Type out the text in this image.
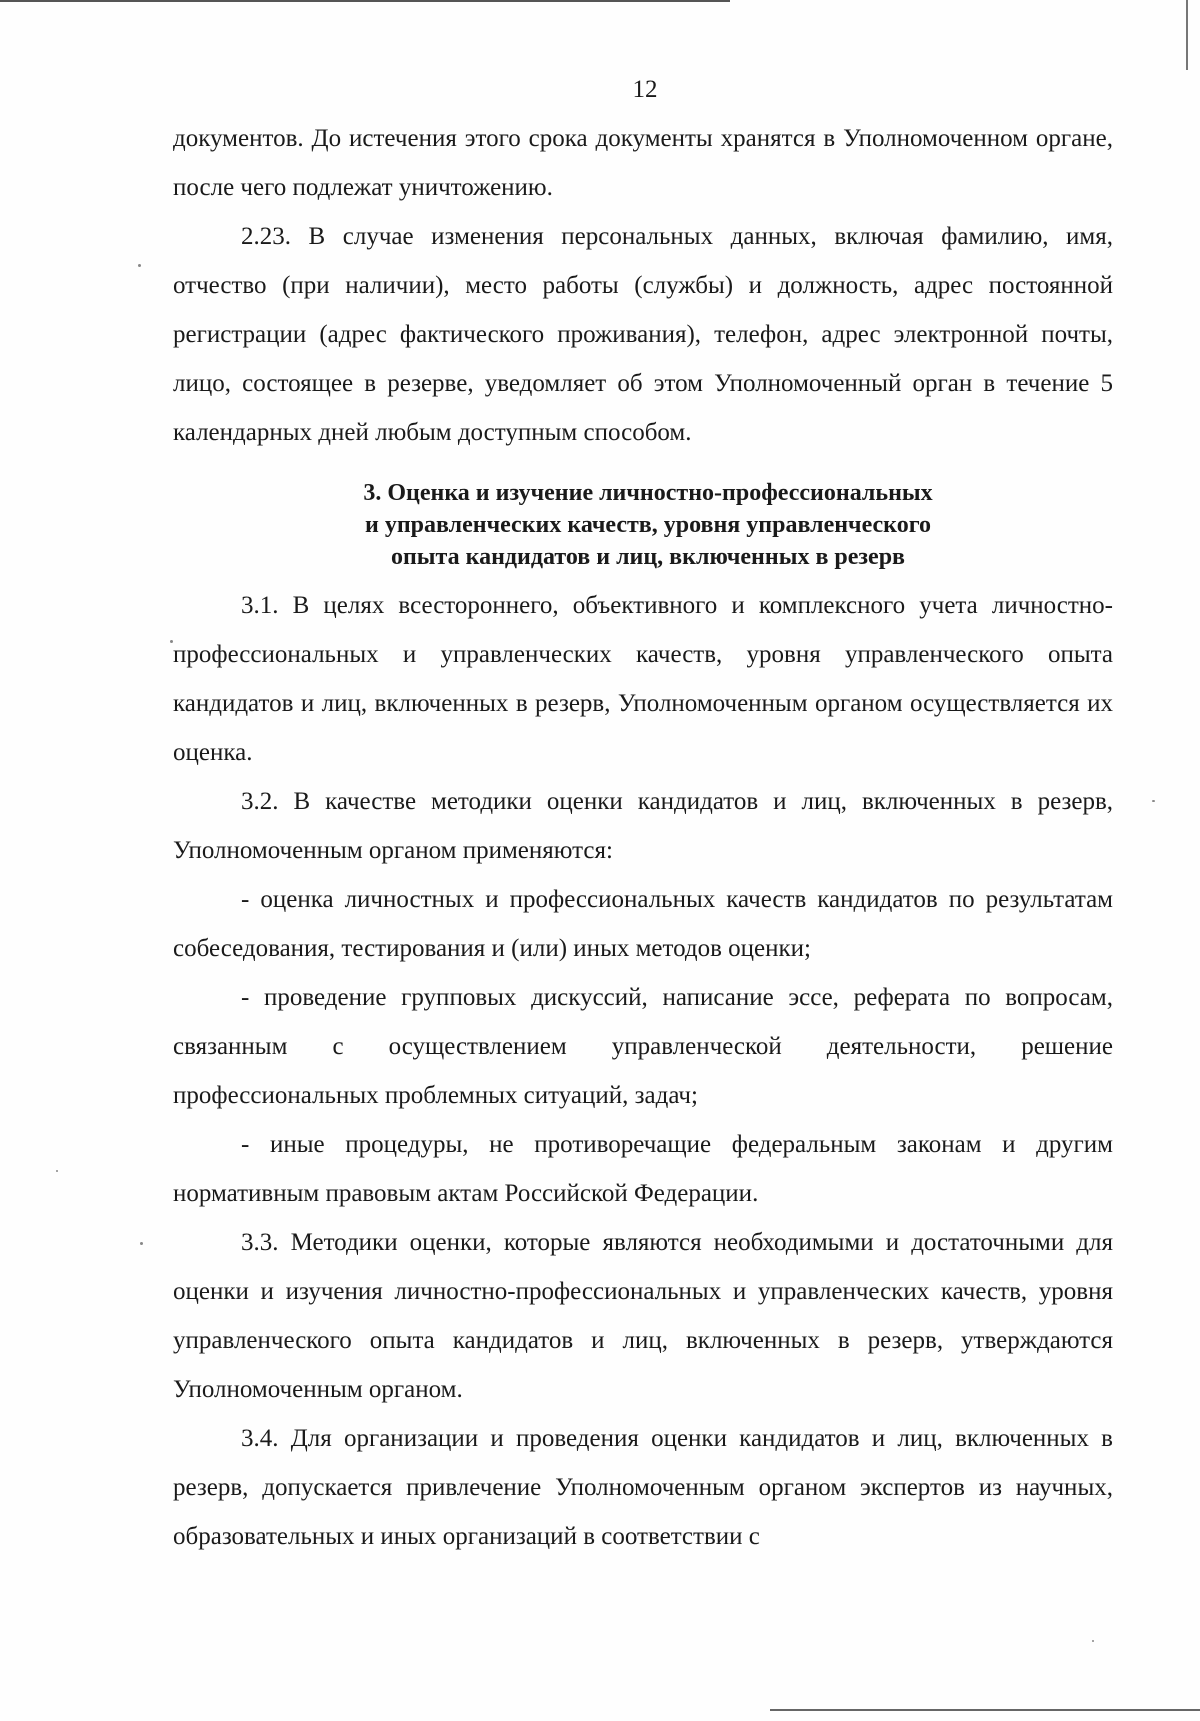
12

документов. До истечения этого срока документы хранятся в Уполномоченном органе, после чего подлежат уничтожению.

2.23. В случае изменения персональных данных, включая фамилию, имя, отчество (при наличии), место работы (службы) и должность, адрес постоянной регистрации (адрес фактического проживания), телефон, адрес электронной почты, лицо, состоящее в резерве, уведомляет об этом Уполномоченный орган в течение 5 календарных дней любым доступным способом.

3. Оценка и изучение личностно-профессиональных
и управленческих качеств, уровня управленческого
опыта кандидатов и лиц, включенных в резерв

3.1. В целях всестороннего, объективного и комплексного учета личностно-профессиональных и управленческих качеств, уровня управленческого опыта кандидатов и лиц, включенных в резерв, Уполномоченным органом осуществляется их оценка.

3.2. В качестве методики оценки кандидатов и лиц, включенных в резерв, Уполномоченным органом применяются:

- оценка личностных и профессиональных качеств кандидатов по результатам собеседования, тестирования и (или) иных методов оценки;

- проведение групповых дискуссий, написание эссе, реферата по вопросам, связанным с осуществлением управленческой деятельности, решение профессиональных проблемных ситуаций, задач;

- иные процедуры, не противоречащие федеральным законам и другим нормативным правовым актам Российской Федерации.

3.3. Методики оценки, которые являются необходимыми и достаточными для оценки и изучения личностно-профессиональных и управленческих качеств, уровня управленческого опыта кандидатов и лиц, включенных в резерв, утверждаются Уполномоченным органом.

3.4. Для организации и проведения оценки кандидатов и лиц, включенных в резерв, допускается привлечение Уполномоченным органом экспертов из научных, образовательных и иных организаций в соответствии с
